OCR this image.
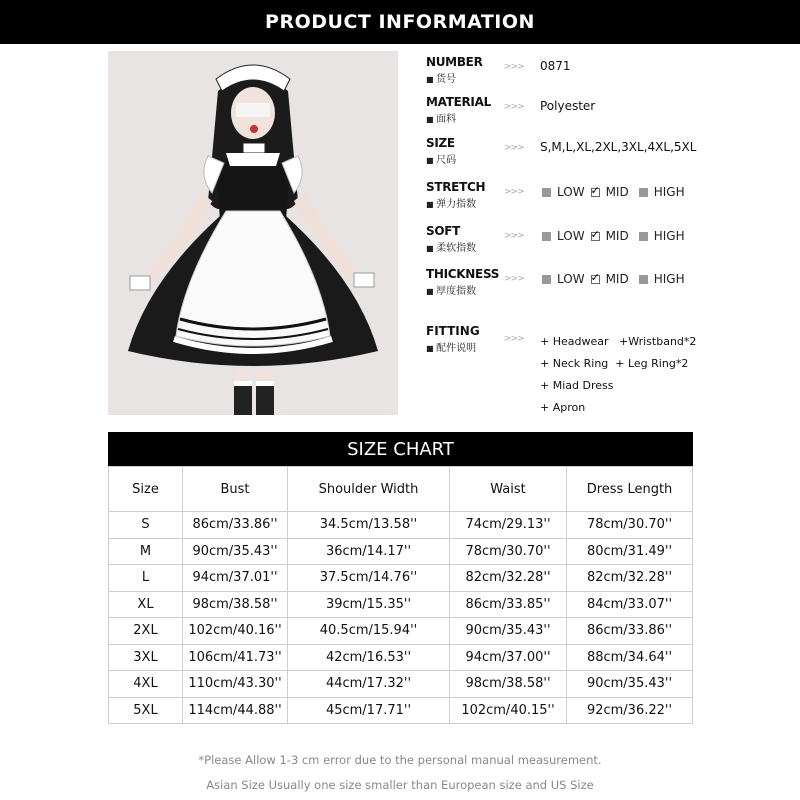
PRODUCT INFORMATION
NUMBER
■ 货号
>>> 0871
MATERIAL
■ 面料
>>> Polyester
SIZE
■ 尺码
>>> S,M,L,XL,2XL,3XL,4XL,5XL
STRETCH
■ 弹力指数
>>>	LOW ✓ MID HIGH
SOFT
■ 柔软指数
>>>	LOW ✓ MID HIGH
THICKNESS
■ 厚度指数
>>>	LOW ✓ MID HIGH
FITTING
■ 配件说明
>>> + Headwear   +Wristband*2
+ Neck Ring  + Leg Ring*2
+ Miad Dress
+ Apron
SIZE CHART
Size	Bust	Shoulder Width	Waist	Dress Length
S	86cm/33.86''	34.5cm/13.58''	74cm/29.13''	78cm/30.70''
M	90cm/35.43''	36cm/14.17''	78cm/30.70''	80cm/31.49''
L	94cm/37.01''	37.5cm/14.76''	82cm/32.28''	82cm/32.28''
XL	98cm/38.58''	39cm/15.35''	86cm/33.85''	84cm/33.07''
2XL	102cm/40.16''	40.5cm/15.94''	90cm/35.43''	86cm/33.86''
3XL	106cm/41.73''	42cm/16.53''	94cm/37.00''	88cm/34.64''
4XL	110cm/43.30''	44cm/17.32''	98cm/38.58''	90cm/35.43''
5XL	114cm/44.88''	45cm/17.71''	102cm/40.15''	92cm/36.22''
*Please Allow 1-3 cm error due to the personal manual measurement.
Asian Size Usually one size smaller than European size and US Size
